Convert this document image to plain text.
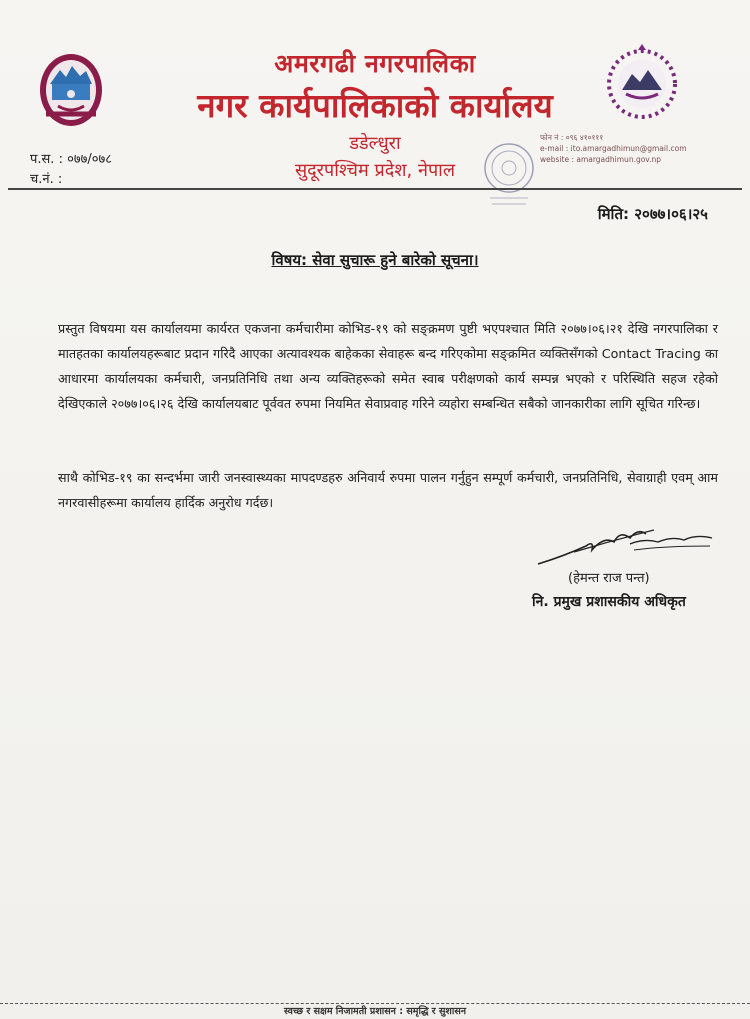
अमरगढी नगरपालिका
नगर कार्यपालिकाको कार्यालय
डडेल्धुरा
सुदूरपश्चिम प्रदेश, नेपाल
फोन नं : ०९६ ४१०१११
e-mail : ito.amargadhimun@gmail.com
website : amargadhimun.gov.np
प.स. : ०७७/०७८
च.नं. :
मिति: २०७७।०६।२५
विषय: सेवा सुचारू हुने बारेको सूचना।

प्रस्तुत विषयमा यस कार्यालयमा कार्यरत एकजना कर्मचारीमा कोभिड-१९ को सङ्क्रमण पुष्टी भएपश्चात मिति २०७७।०६।२१ देखि नगरपालिका र मातहतका कार्यालयहरूबाट प्रदान गरिदै आएका अत्यावश्यक बाहेकका सेवाहरू बन्द गरिएकोमा सङ्क्रमित व्यक्तिसँगको Contact Tracing का आधारमा कार्यालयका कर्मचारी, जनप्रतिनिधि तथा अन्य व्यक्तिहरूको समेत स्वाब परीक्षणको कार्य सम्पन्न भएको र परिस्थिति सहज रहेको देखिएकाले २०७७।०६।२६ देखि कार्यालयबाट पूर्ववत रुपमा नियमित सेवाप्रवाह गरिने व्यहोरा सम्बन्धित सबैको जानकारीका लागि सूचित गरिन्छ।

साथै कोभिड-१९ का सन्दर्भमा जारी जनस्वास्थ्यका मापदण्डहरु अनिवार्य रुपमा पालन गर्नुहुन सम्पूर्ण कर्मचारी, जनप्रतिनिधि, सेवाग्राही एवम् आम नगरवासीहरूमा कार्यालय हार्दिक अनुरोध गर्दछ।

(हेमन्त राज पन्त)
नि. प्रमुख प्रशासकीय अधिकृत
स्वच्छ र सक्षम निजामती प्रशासन : समृद्धि र सुशासन
